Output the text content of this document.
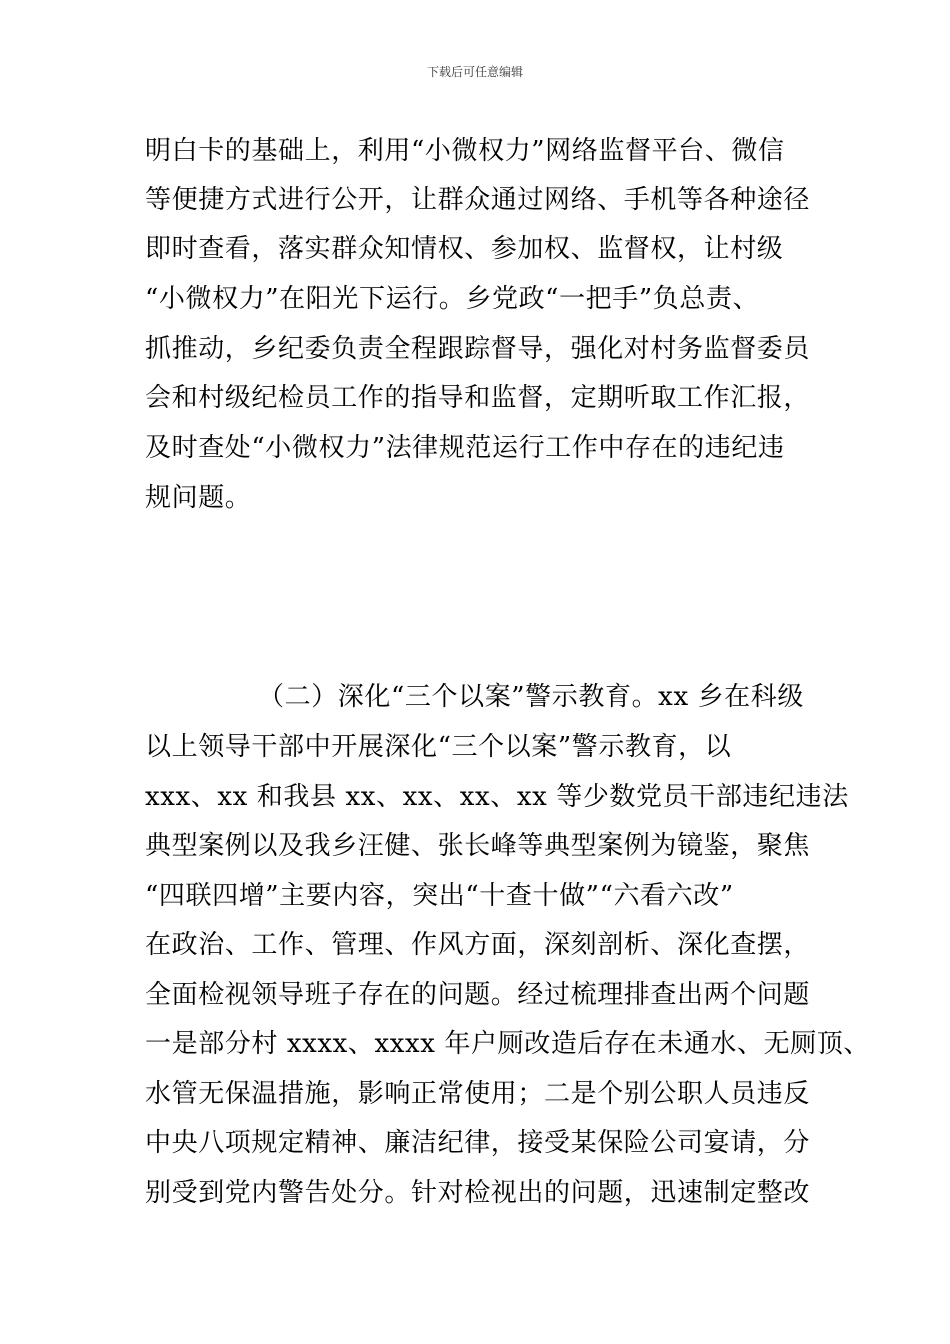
下载后可任意编辑
明白卡的基础上，利用“小微权力”网络监督平台、微信
等便捷方式进行公开，让群众通过网络、手机等各种途径
即时查看，落实群众知情权、参加权、监督权，让村级
“小微权力”在阳光下运行。乡党政“一把手”负总责、
抓推动，乡纪委负责全程跟踪督导，强化对村务监督委员
会和村级纪检员工作的指导和监督，定期听取工作汇报，
及时查处“小微权力”法律规范运行工作中存在的违纪违
规问题。
（二）深化“三个以案”警示教育。xx 乡在科级
以上领导干部中开展深化“三个以案”警示教育，以
xxx、xx 和我县 xx、xx、xx、xx 等少数党员干部违纪违法
典型案例以及我乡汪健、张长峰等典型案例为镜鉴，聚焦
“四联四增”主要内容，突出“十查十做”“六看六改”
在政治、工作、管理、作风方面，深刻剖析、深化查摆，
全面检视领导班子存在的问题。经过梳理排查出两个问题
一是部分村 xxxx、xxxx 年户厕改造后存在未通水、无厕顶、
水管无保温措施，影响正常使用；二是个别公职人员违反
中央八项规定精神、廉洁纪律，接受某保险公司宴请，分
别受到党内警告处分。针对检视出的问题，迅速制定整改
